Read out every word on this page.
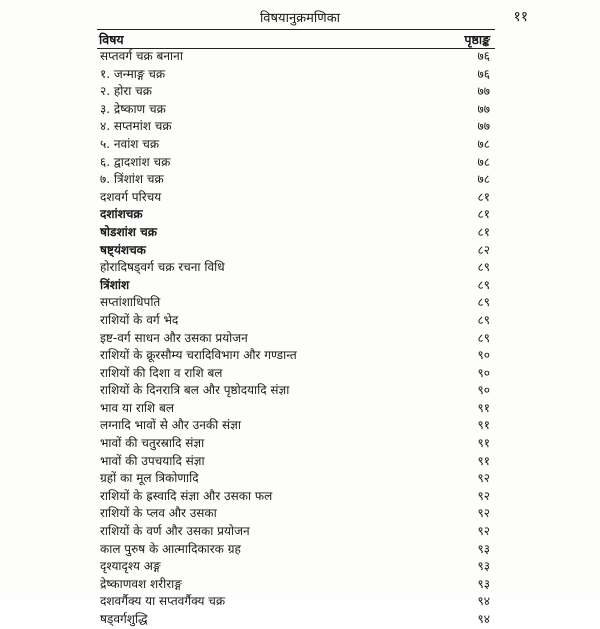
विषयानुक्रमणिका	११
विषय	पृष्ठाङ्क
सप्तवर्ग चक्र बनाना	७६
१. जन्माङ्ग चक्र	७६
२. होरा चक्र	७७
३. द्रेष्काण चक्र	७७
४. सप्तमांश चक्र	७७
५. नवांश चक्र	७८
६. द्वादशांश चक्र	७८
७. त्रिंशांश चक्र	७८
दशवर्ग परिचय	८१
दशांशचक्र	८१
षोडशांश चक्र	८१
षष्ट्यंशचक	८२
होरादिषड्वर्ग चक्र रचना विधि	८९
त्रिंशांश	८९
सप्तांशाधिपति	८९
राशियों के वर्ग भेद	८९
इष्ट-वर्ग साधन और उसका प्रयोजन	८९
राशियों के क्रूरसौम्य चरादिविभाग और गण्डान्त	९०
राशियों की दिशा व राशि बल	९०
राशियों के दिनरात्रि बल और पृष्ठोदयादि संज्ञा	९०
भाव या राशि बल	९१
लग्नादि भावों से और उनकी संज्ञा	९१
भावों की चतुरस्रादि संज्ञा	९१
भावों की उपचयादि संज्ञा	९१
ग्रहों का मूल त्रिकोणादि	९२
राशियों के ह्रस्वादि संज्ञा और उसका फल	९२
राशियों के प्लव और उसका	९२
राशियों के वर्ण और उसका प्रयोजन	९२
काल पुरुष के आत्मादिकारक ग्रह	९३
दृश्यादृश्य अङ्ग	९३
द्रेष्काणवश शरीराङ्ग	९३
दशवर्गैक्य या सप्तवर्गैक्य चक्र	९४
षड्वर्गशुद्धि	९४
